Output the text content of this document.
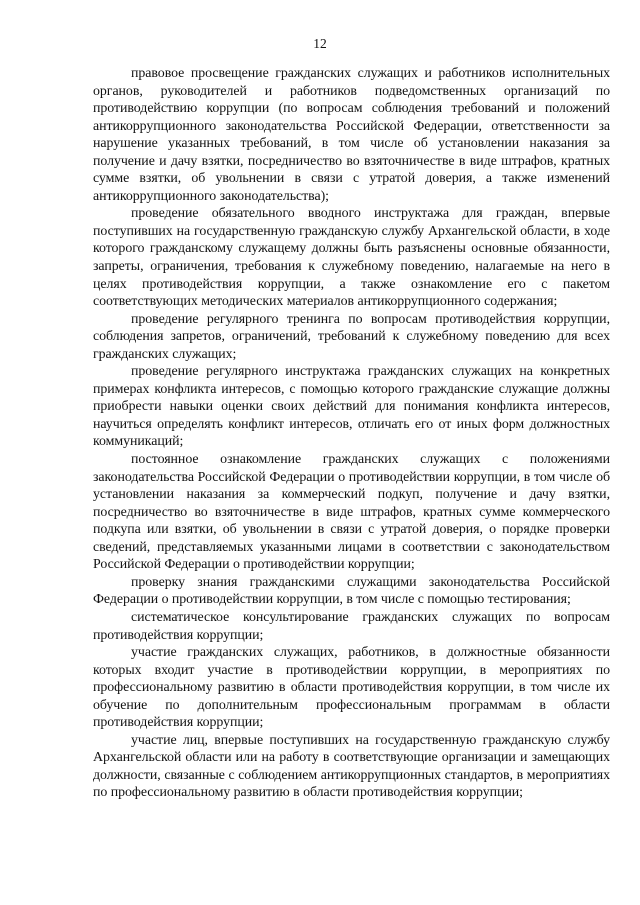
12

правовое просвещение гражданских служащих и работников исполнительных органов, руководителей и работников подведомственных организаций по противодействию коррупции (по вопросам соблюдения требований и положений антикоррупционного законодательства Российской Федерации, ответственности за нарушение указанных требований, в том числе об установлении наказания за получение и дачу взятки, посредничество во взяточничестве в виде штрафов, кратных сумме взятки, об увольнении в связи с утратой доверия, а также изменений антикоррупционного законодательства);

проведение обязательного вводного инструктажа для граждан, впервые поступивших на государственную гражданскую службу Архангельской области, в ходе которого гражданскому служащему должны быть разъяснены основные обязанности, запреты, ограничения, требования к служебному поведению, налагаемые на него в целях противодействия коррупции, а также ознакомление его с пакетом соответствующих методических материалов антикоррупционного содержания;

проведение регулярного тренинга по вопросам противодействия коррупции, соблюдения запретов, ограничений, требований к служебному поведению для всех гражданских служащих;

проведение регулярного инструктажа гражданских служащих на конкретных примерах конфликта интересов, с помощью которого гражданские служащие должны приобрести навыки оценки своих действий для понимания конфликта интересов, научиться определять конфликт интересов, отличать его от иных форм должностных коммуникаций;

постоянное ознакомление гражданских служащих с положениями законодательства Российской Федерации о противодействии коррупции, в том числе об установлении наказания за коммерческий подкуп, получение и дачу взятки, посредничество во взяточничестве в виде штрафов, кратных сумме коммерческого подкупа или взятки, об увольнении в связи с утратой доверия, о порядке проверки сведений, представляемых указанными лицами в соответствии с законодательством Российской Федерации о противодействии коррупции;

проверку знания гражданскими служащими законодательства Российской Федерации о противодействии коррупции, в том числе с помощью тестирования;

систематическое консультирование гражданских служащих по вопросам противодействия коррупции;

участие гражданских служащих, работников, в должностные обязанности которых входит участие в противодействии коррупции, в мероприятиях по профессиональному развитию в области противодействия коррупции, в том числе их обучение по дополнительным профессиональным программам в области противодействия коррупции;

участие лиц, впервые поступивших на государственную гражданскую службу Архангельской области или на работу в соответствующие организации и замещающих должности, связанные с соблюдением антикоррупционных стандартов, в мероприятиях по профессиональному развитию в области противодействия коррупции;
